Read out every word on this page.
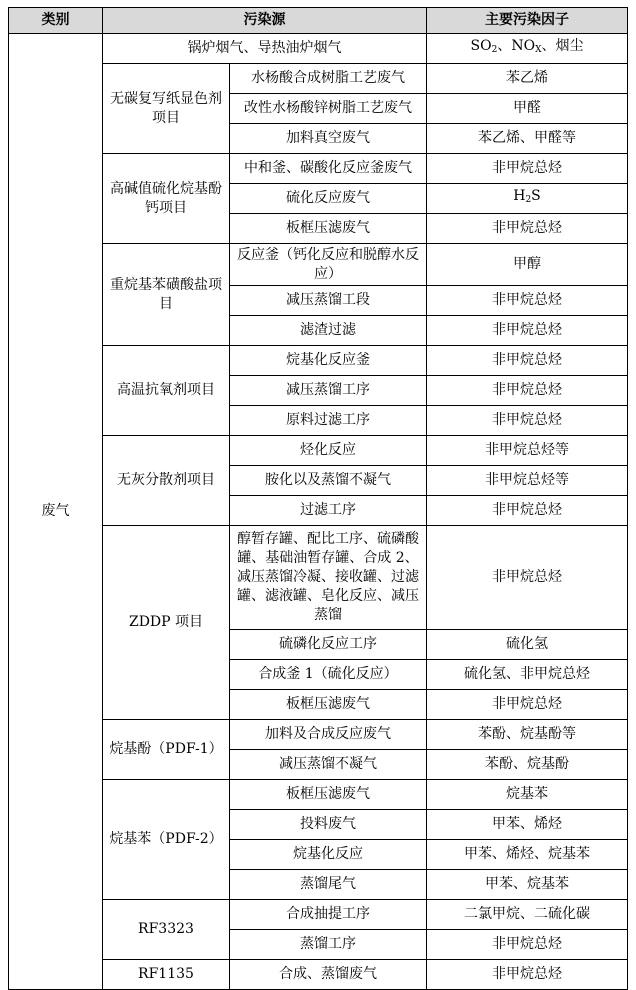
类别	污染源		主要污染因子
废气	锅炉烟气、导热油炉烟气		$SO_2$、$NO_X$、烟尘
	无碳复写纸显色剂项目	水杨酸合成树脂工艺废气	苯乙烯
		改性水杨酸锌树脂工艺废气	甲醛
		加料真空废气	苯乙烯、甲醛等
	高碱值硫化烷基酚钙项目	中和釜、碳酸化反应釜废气	非甲烷总烃
		硫化反应废气	$H_2S$
		板框压滤废气	非甲烷总烃
	重烷基苯磺酸盐项目	反应釜（钙化反应和脱醇水反应）	甲醇
		减压蒸馏工段	非甲烷总烃
		滤渣过滤	非甲烷总烃
	高温抗氧剂项目	烷基化反应釜	非甲烷总烃
		减压蒸馏工序	非甲烷总烃
		原料过滤工序	非甲烷总烃
	无灰分散剂项目	烃化反应	非甲烷总烃等
		胺化以及蒸馏不凝气	非甲烷总烃等
		过滤工序	非甲烷总烃
	ZDDP 项目	醇暂存罐、配比工序、硫磷酸罐、基础油暂存罐、合成 2、减压蒸馏冷凝、接收罐、过滤罐、滤液罐、皂化反应、减压蒸馏	非甲烷总烃
		硫磷化反应工序	硫化氢
		合成釜 1（硫化反应）	硫化氢、非甲烷总烃
		板框压滤废气	非甲烷总烃
	烷基酚（PDF-1）	加料及合成反应废气	苯酚、烷基酚等
		减压蒸馏不凝气	苯酚、烷基酚
	烷基苯（PDF-2）	板框压滤废气	烷基苯
		投料废气	甲苯、烯烃
		烷基化反应	甲苯、烯烃、烷基苯
		蒸馏尾气	甲苯、烷基苯
	RF3323	合成抽提工序	二氯甲烷、二硫化碳
		蒸馏工序	非甲烷总烃
	RF1135	合成、蒸馏废气	非甲烷总烃
